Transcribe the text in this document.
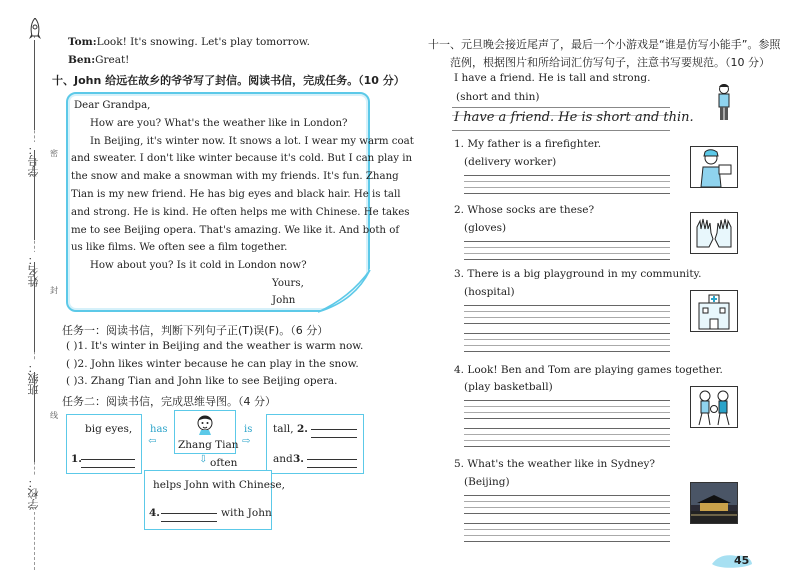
学号：
姓名：
班级：
学校：
密
封
线
Tom:Look! It's snowing. Let's play tomorrow.
Ben:Great!
十、John 给远在故乡的爷爷写了封信。阅读书信，完成任务。（10 分）
Dear Grandpa,
How are you? What's the weather like in London?
In Beijing, it's winter now. It snows a lot. I wear my warm coat
and sweater. I don't like winter because it's cold. But I can play in
the snow and make a snowman with my friends. It's fun. Zhang
Tian is my new friend. He has big eyes and black hair. He is tall
and strong. He is kind. He often helps me with Chinese. He takes
me to see Beijing opera. That's amazing. We like it. And both of
us like films. We often see a film together.
How about you? Is it cold in London now?
Yours,
John
任务一：阅读书信，判断下列句子正(T)误(F)。（6 分）
( )1. It's winter in Beijing and the weather is warm now.
( )2. John likes winter because he can play in the snow.
( )3. Zhang Tian and John like to see Beijing opera.
任务二：阅读书信，完成思维导图。（4 分）
big eyes,
1.
has
⇦ Zhang Tian
is
⇨
⇩ often
tall, 2.
and 3.
helps John with Chinese,
4.	with John
十一、元旦晚会接近尾声了，最后一个小游戏是“谁是仿写小能手”。参照
范例，根据图片和所给词汇仿写句子，注意书写要规范。（10 分）
I have a friend. He is tall and strong.
(short and thin)
I have a friend. He is short and thin.
1. My father is a firefighter.
(delivery worker)
2. Whose socks are these?
(gloves)
3. There is a big playground in my community.
(hospital)
4. Look! Ben and Tom are playing games together.
(play basketball)
5. What's the weather like in Sydney?
(Beijing)
45
